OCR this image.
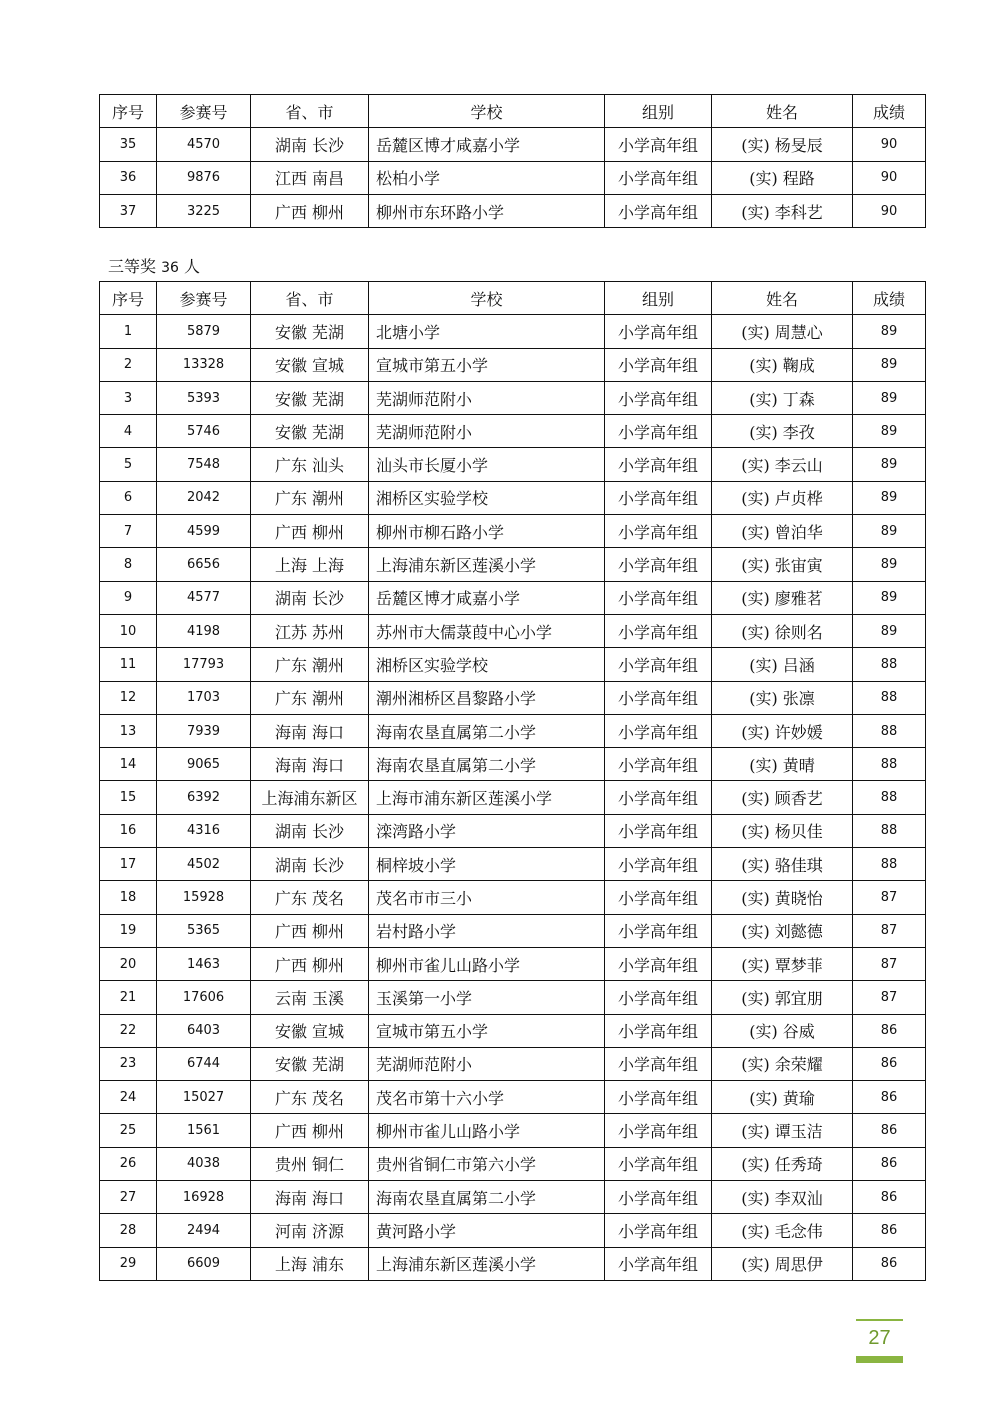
序号	参赛号	省、市	学校	组别	姓名	成绩
35	4570	湖南 长沙	岳麓区博才咸嘉小学	小学高年组	(实) 杨旻辰	90
36	9876	江西 南昌	松柏小学	小学高年组	(实) 程路	90
37	3225	广西 柳州	柳州市东环路小学	小学高年组	(实) 李科艺	90
三等奖 36 人
序号	参赛号	省、市	学校	组别	姓名	成绩
1	5879	安徽 芜湖	北塘小学	小学高年组	(实) 周慧心	89
2	13328	安徽 宣城	宣城市第五小学	小学高年组	(实) 鞠成	89
3	5393	安徽 芜湖	芜湖师范附小	小学高年组	(实) 丁森	89
4	5746	安徽 芜湖	芜湖师范附小	小学高年组	(实) 李孜	89
5	7548	广东 汕头	汕头市长厦小学	小学高年组	(实) 李云山	89
6	2042	广东 潮州	湘桥区实验学校	小学高年组	(实) 卢贞桦	89
7	4599	广西 柳州	柳州市柳石路小学	小学高年组	(实) 曾泊华	89
8	6656	上海 上海	上海浦东新区莲溪小学	小学高年组	(实) 张宙寅	89
9	4577	湖南 长沙	岳麓区博才咸嘉小学	小学高年组	(实) 廖雅茗	89
10	4198	江苏 苏州	苏州市大儒菉葭中心小学	小学高年组	(实) 徐则名	89
11	17793	广东 潮州	湘桥区实验学校	小学高年组	(实) 吕涵	88
12	1703	广东 潮州	潮州湘桥区昌黎路小学	小学高年组	(实) 张凛	88
13	7939	海南 海口	海南农垦直属第二小学	小学高年组	(实) 许妙媛	88
14	9065	海南 海口	海南农垦直属第二小学	小学高年组	(实) 黄晴	88
15	6392	上海浦东新区	上海市浦东新区莲溪小学	小学高年组	(实) 顾香艺	88
16	4316	湖南 长沙	滦湾路小学	小学高年组	(实) 杨贝佳	88
17	4502	湖南 长沙	桐梓坡小学	小学高年组	(实) 骆佳琪	88
18	15928	广东 茂名	茂名市市三小	小学高年组	(实) 黄晓怡	87
19	5365	广西 柳州	岩村路小学	小学高年组	(实) 刘懿德	87
20	1463	广西 柳州	柳州市雀儿山路小学	小学高年组	(实) 覃梦菲	87
21	17606	云南 玉溪	玉溪第一小学	小学高年组	(实) 郭宜朋	87
22	6403	安徽 宣城	宣城市第五小学	小学高年组	(实) 谷威	86
23	6744	安徽 芜湖	芜湖师范附小	小学高年组	(实) 余荣耀	86
24	15027	广东 茂名	茂名市第十六小学	小学高年组	(实) 黄瑜	86
25	1561	广西 柳州	柳州市雀儿山路小学	小学高年组	(实) 谭玉洁	86
26	4038	贵州 铜仁	贵州省铜仁市第六小学	小学高年组	(实) 任秀琦	86
27	16928	海南 海口	海南农垦直属第二小学	小学高年组	(实) 李双汕	86
28	2494	河南 济源	黄河路小学	小学高年组	(实) 毛念伟	86
29	6609	上海 浦东	上海浦东新区莲溪小学	小学高年组	(实) 周思伊	86
27
